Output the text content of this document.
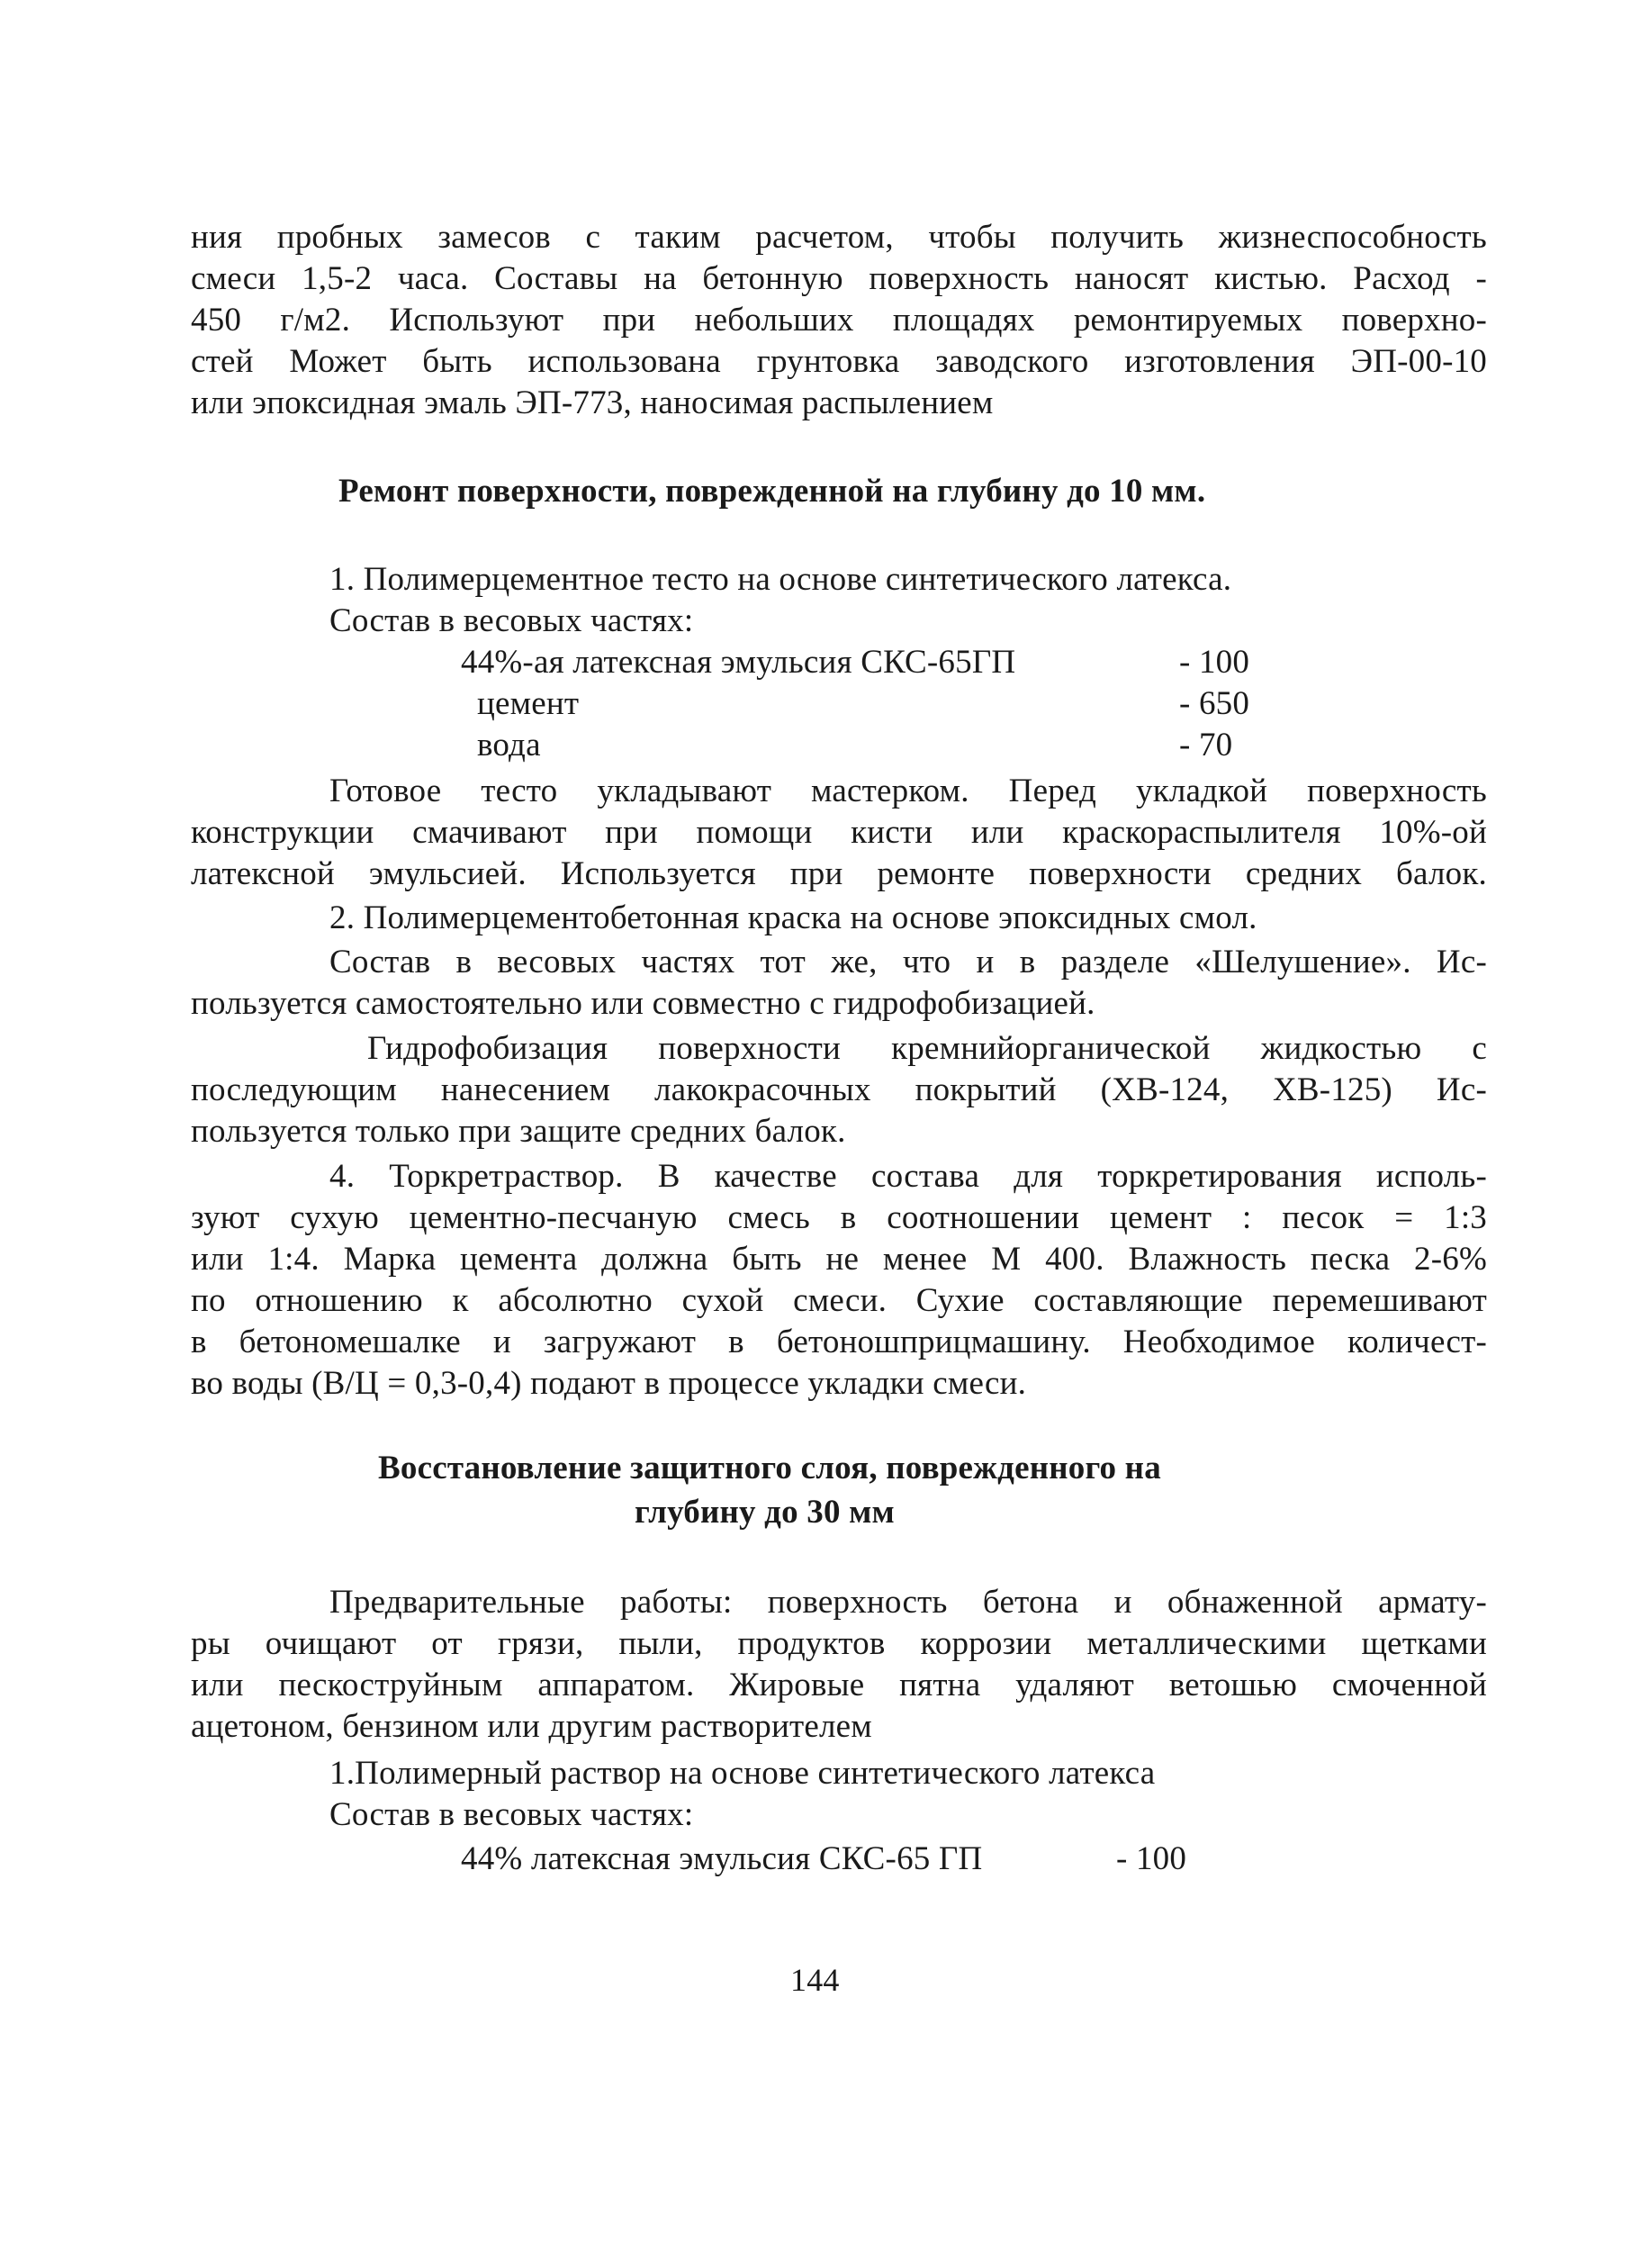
ния пробных замесов с таким расчетом, чтобы получить жизнеспособность
смеси 1,5-2 часа. Составы на бетонную поверхность наносят кистью. Расход -
450 г/м2. Используют при небольших площадях ремонтируемых поверхно-
стей Может быть использована грунтовка заводского изготовления ЭП-00-10
или эпоксидная эмаль ЭП-773, наносимая распылением
Ремонт поверхности, поврежденной на глубину до 10 мм.
1. Полимерцементное тесто на основе синтетического латекса.
Состав в весовых частях:
44%-ая латексная эмульсия СКС-65ГП	- 100
цемент	- 650
вода	- 70
Готовое тесто укладывают мастерком. Перед укладкой поверхность
конструкции смачивают при помощи кисти или краскораспылителя 10%-ой
латексной эмульсией. Используется при ремонте поверхности средних балок.
2. Полимерцементобетонная краска на основе эпоксидных смол.
Состав в весовых частях тот же, что и в разделе «Шелушение». Ис-
пользуется самостоятельно или совместно с гидрофобизацией.
Гидрофобизация поверхности кремнийорганической жидкостью с
последующим нанесением лакокрасочных покрытий (ХВ-124, ХВ-125) Ис-
пользуется только при защите средних балок.
4. Торкретраствор. В качестве состава для торкретирования исполь-
зуют сухую цементно-песчаную смесь в соотношении цемент : песок = 1:3
или 1:4. Марка цемента должна быть не менее М 400. Влажность песка 2-6%
по отношению к абсолютно сухой смеси. Сухие составляющие перемешивают
в бетономешалке и загружают в бетоношприцмашину. Необходимое количест-
во воды (В/Ц = 0,3-0,4) подают в процессе укладки смеси.
Восстановление защитного слоя, поврежденного на
глубину до 30 мм
Предварительные работы: поверхность бетона и обнаженной армату-
ры очищают от грязи, пыли, продуктов коррозии металлическими щетками
или пескоструйным аппаратом. Жировые пятна удаляют ветошью смоченной
ацетоном, бензином или другим растворителем
1.Полимерный раствор на основе синтетического латекса
Состав в весовых частях:
44% латексная эмульсия СКС-65 ГП	- 100
144
